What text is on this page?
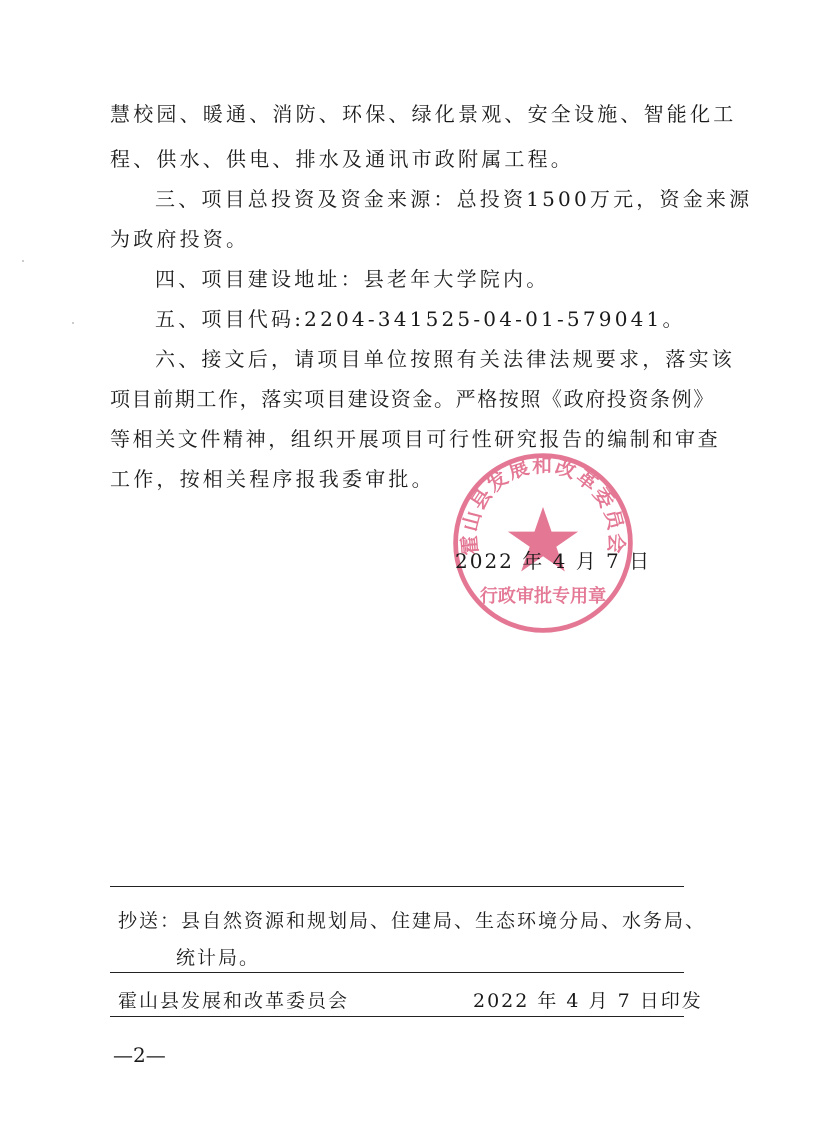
慧校园、暖通、消防、环保、绿化景观、安全设施、智能化工
程、供水、供电、排水及通讯市政附属工程。
三、项目总投资及资金来源：总投资1500万元，资金来源
为政府投资。
四、项目建设地址：县老年大学院内。
五、项目代码:2204-341525-04-01-579041。
六、接文后，请项目单位按照有关法律法规要求，落实该
项目前期工作，落实项目建设资金。严格按照《政府投资条例》
等相关文件精神，组织开展项目可行性研究报告的编制和审查
工作，按相关程序报我委审批。
霍山县发展和改革委员会
行政审批专用章
2022 年 4 月 7 日
抄送：县自然资源和规划局、住建局、生态环境分局、水务局、
统计局。
霍山县发展和改革委员会	2022 年 4 月 7 日印发
—2—
